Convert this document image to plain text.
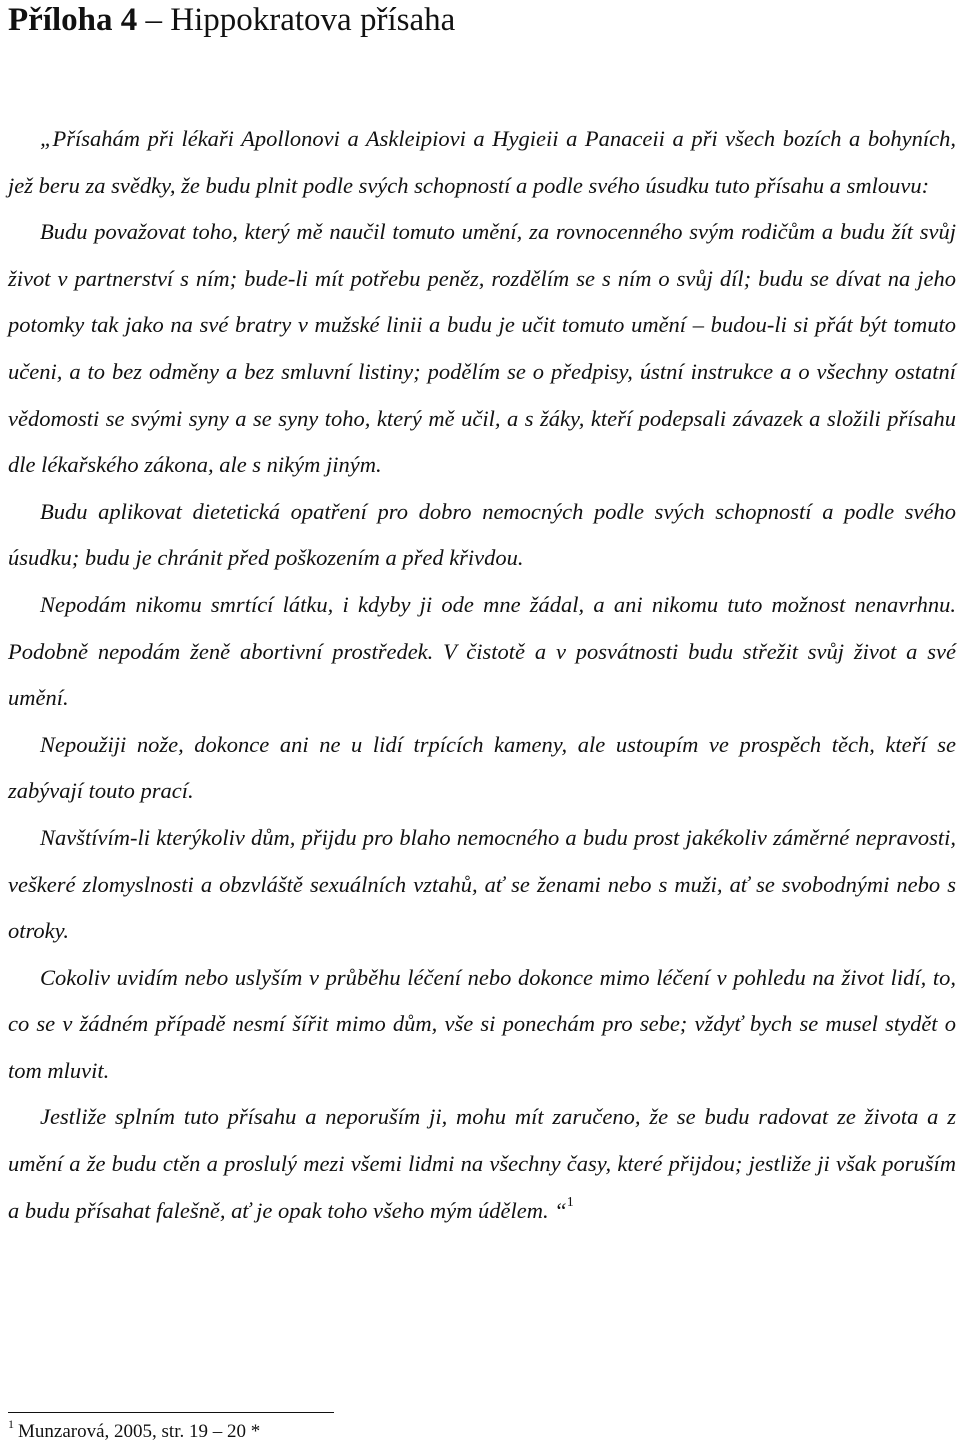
Příloha 4 – Hippokratova přísaha

„Přísahám při lékaři Apollonovi a Askleipiovi a Hygieii a Panaceii a při všech bozích a bohyních, jež beru za svědky, že budu plnit podle svých schopností a podle svého úsudku tuto přísahu a smlouvu:

Budu považovat toho, který mě naučil tomuto umění, za rovnocenného svým rodičům a budu žít svůj život v partnerství s ním; bude-li mít potřebu peněz, rozdělím se s ním o svůj díl; budu se dívat na jeho potomky tak jako na své bratry v mužské linii a budu je učit tomuto umění – budou-li si přát být tomuto učeni, a to bez odměny a bez smluvní listiny; podělím se o předpisy, ústní instrukce a o všechny ostatní vědomosti se svými syny a se syny toho, který mě učil, a s žáky, kteří podepsali závazek a složili přísahu dle lékařského zákona, ale s nikým jiným.

Budu aplikovat dietetická opatření pro dobro nemocných podle svých schopností a podle svého úsudku; budu je chránit před poškozením a před křivdou.

Nepodám nikomu smrtící látku, i kdyby ji ode mne žádal, a ani nikomu tuto možnost nenavrhnu. Podobně nepodám ženě abortivní prostředek. V čistotě a v posvátnosti budu střežit svůj život a své umění.

Nepoužiji nože, dokonce ani ne u lidí trpících kameny, ale ustoupím ve prospěch těch, kteří se zabývají touto prací.

Navštívím-li kterýkoliv dům, přijdu pro blaho nemocného a budu prost jakékoliv záměrné nepravosti, veškeré zlomyslnosti a obzvláště sexuálních vztahů, ať se ženami nebo s muži, ať se svobodnými nebo s otroky.

Cokoliv uvidím nebo uslyším v průběhu léčení nebo dokonce mimo léčení v pohledu na život lidí, to, co se v žádném případě nesmí šířit mimo dům, vše si ponechám pro sebe; vždyť bych se musel stydět o tom mluvit.

Jestliže splním tuto přísahu a neporuším ji, mohu mít zaručeno, že se budu radovat ze života a z umění a že budu ctěn a proslulý mezi všemi lidmi na všechny časy, které přijdou; jestliže ji však poruším a budu přísahat falešně, ať je opak toho všeho mým údělem. “$^1$

$^1$ Munzarová, 2005, str. 19 – 20 *
